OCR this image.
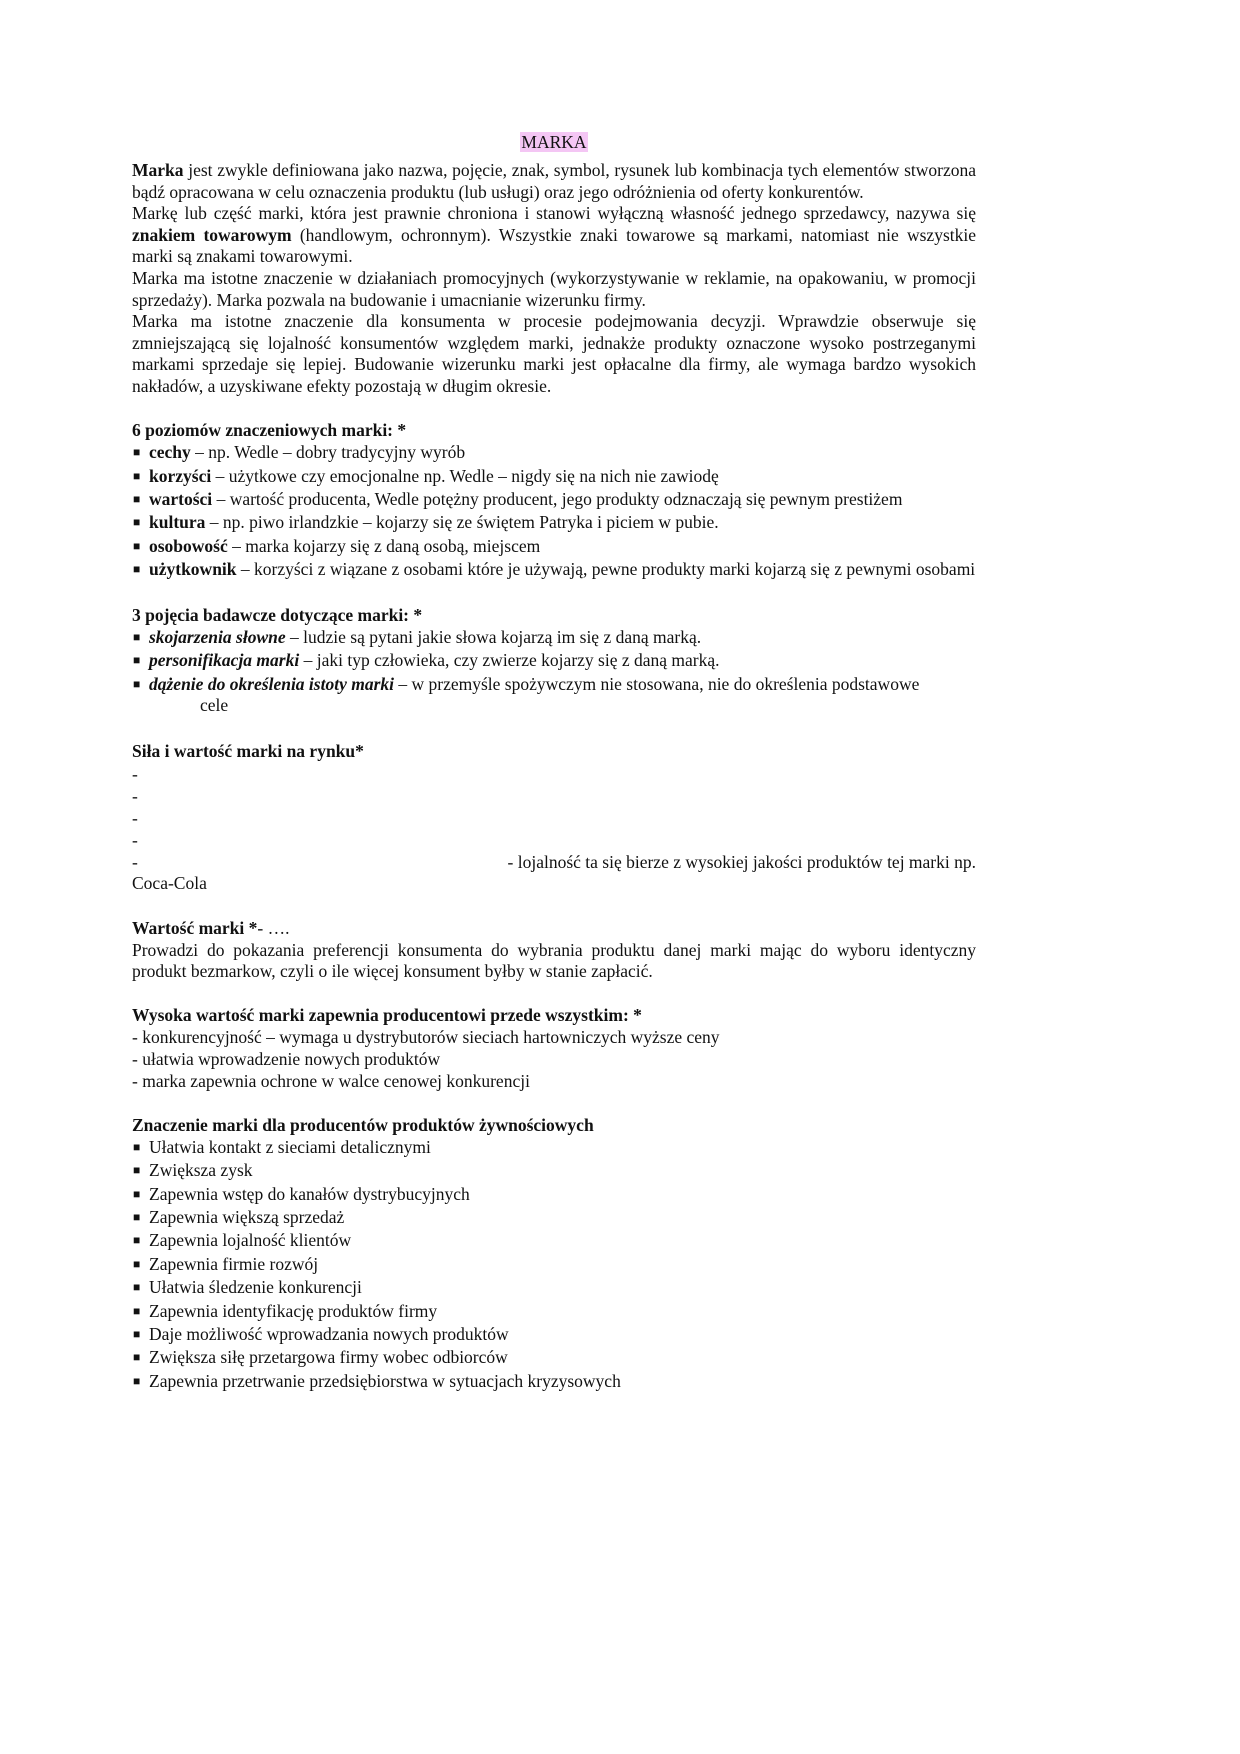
MARKA

Marka jest zwykle definiowana jako nazwa, pojęcie, znak, symbol, rysunek lub kombinacja tych elementów stworzona bądź opracowana w celu oznaczenia produktu (lub usługi) oraz jego odróżnienia od oferty konkurentów.

Markę lub część marki, która jest prawnie chroniona i stanowi wyłączną własność jednego sprzedawcy, nazywa się znakiem towarowym (handlowym, ochronnym). Wszystkie znaki towarowe są markami, natomiast nie wszystkie marki są znakami towarowymi.

Marka ma istotne znaczenie w działaniach promocyjnych (wykorzystywanie w reklamie, na opakowaniu, w promocji sprzedaży). Marka pozwala na budowanie i umacnianie wizerunku firmy.

Marka ma istotne znaczenie dla konsumenta w procesie podejmowania decyzji. Wprawdzie obserwuje się zmniejszającą się lojalność konsumentów względem marki, jednakże produkty oznaczone wysoko postrzeganymi markami sprzedaje się lepiej. Budowanie wizerunku marki jest opłacalne dla firmy, ale wymaga bardzo wysokich nakładów, a uzyskiwane efekty pozostają w długim okresie.

6 poziomów znaczeniowych marki: *
■ cechy – np. Wedle – dobry tradycyjny wyrób
■ korzyści – użytkowe czy emocjonalne np. Wedle – nigdy się na nich nie zawiodę
■ wartości – wartość producenta, Wedle potężny producent, jego produkty odznaczają się pewnym prestiżem
■ kultura – np. piwo irlandzkie – kojarzy się ze świętem Patryka i piciem w pubie.
■ osobowość – marka kojarzy się z daną osobą, miejscem
■ użytkownik – korzyści z wiązane z osobami które je używają, pewne produkty marki kojarzą się z pewnymi osobami
3 pojęcia badawcze dotyczące marki: *
■ skojarzenia słowne – ludzie są pytani jakie słowa kojarzą im się z daną marką.
■ personifikacja marki – jaki typ człowieka, czy zwierze kojarzy się z daną marką.
■ dążenie do określenia istoty marki – w przemyśle spożywczym nie stosowana, nie do określenia podstawowe
cele
Siła i wartość marki na rynku*
-
-
-
-
-	- lojalność ta się bierze z wysokiej jakości produktów tej marki np.
Coca-Cola
Wartość marki *- ….

Prowadzi do pokazania preferencji konsumenta do wybrania produktu danej marki mając do wyboru identyczny produkt bezmarkow, czyli o ile więcej konsument byłby w stanie zapłacić.

Wysoka wartość marki zapewnia producentowi przede wszystkim: *
- konkurencyjność – wymaga u dystrybutorów sieciach hartowniczych wyższe ceny
- ułatwia wprowadzenie nowych produktów
- marka zapewnia ochrone w walce cenowej konkurencji
Znaczenie marki dla producentów produktów żywnościowych
■ Ułatwia kontakt z sieciami detalicznymi
■ Zwiększa zysk
■ Zapewnia wstęp do kanałów dystrybucyjnych
■ Zapewnia większą sprzedaż
■ Zapewnia lojalność klientów
■ Zapewnia firmie rozwój
■ Ułatwia śledzenie konkurencji
■ Zapewnia identyfikację produktów firmy
■ Daje możliwość wprowadzania nowych produktów
■ Zwiększa siłę przetargowa firmy wobec odbiorców
■ Zapewnia przetrwanie przedsiębiorstwa w sytuacjach kryzysowych
